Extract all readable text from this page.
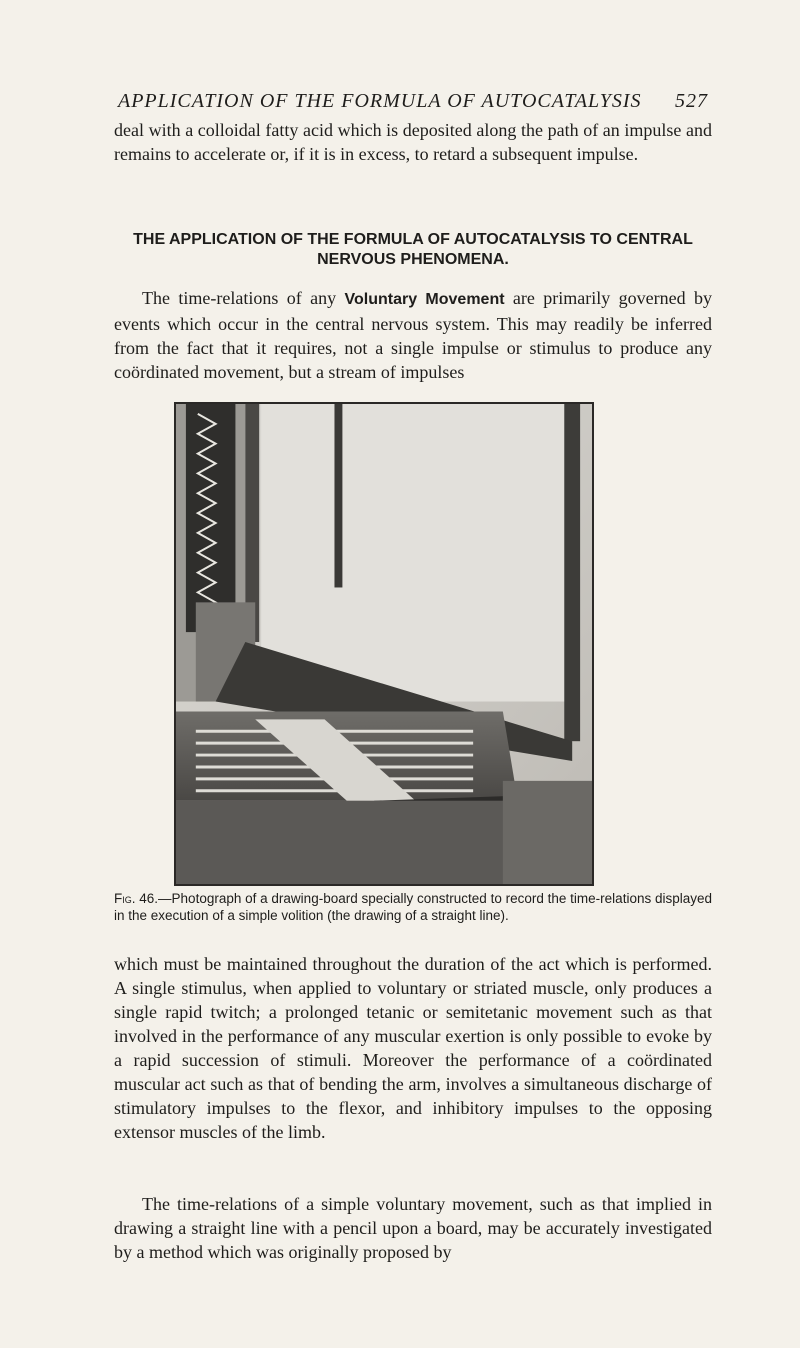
APPLICATION OF THE FORMULA OF AUTOCATALYSIS 527

deal with a colloidal fatty acid which is deposited along the path of an impulse and remains to accelerate or, if it is in excess, to retard a subsequent impulse.

THE APPLICATION OF THE FORMULA OF AUTOCATALYSIS TO CENTRAL NERVOUS PHENOMENA.

The time-relations of any Voluntary Movement are primarily governed by events which occur in the central nervous system. This may readily be inferred from the fact that it requires, not a single impulse or stimulus to produce any coördinated movement, but a stream of impulses

Fig. 46.—Photograph of a drawing-board specially constructed to record the time-relations displayed in the execution of a simple volition (the drawing of a straight line).

which must be maintained throughout the duration of the act which is performed. A single stimulus, when applied to voluntary or striated muscle, only produces a single rapid twitch; a prolonged tetanic or semitetanic movement such as that involved in the performance of any muscular exertion is only possible to evoke by a rapid succession of stimuli. Moreover the performance of a coördinated muscular act such as that of bending the arm, involves a simultaneous discharge of stimulatory impulses to the flexor, and inhibitory impulses to the opposing extensor muscles of the limb.

The time-relations of a simple voluntary movement, such as that implied in drawing a straight line with a pencil upon a board, may be accurately investigated by a method which was originally proposed by
